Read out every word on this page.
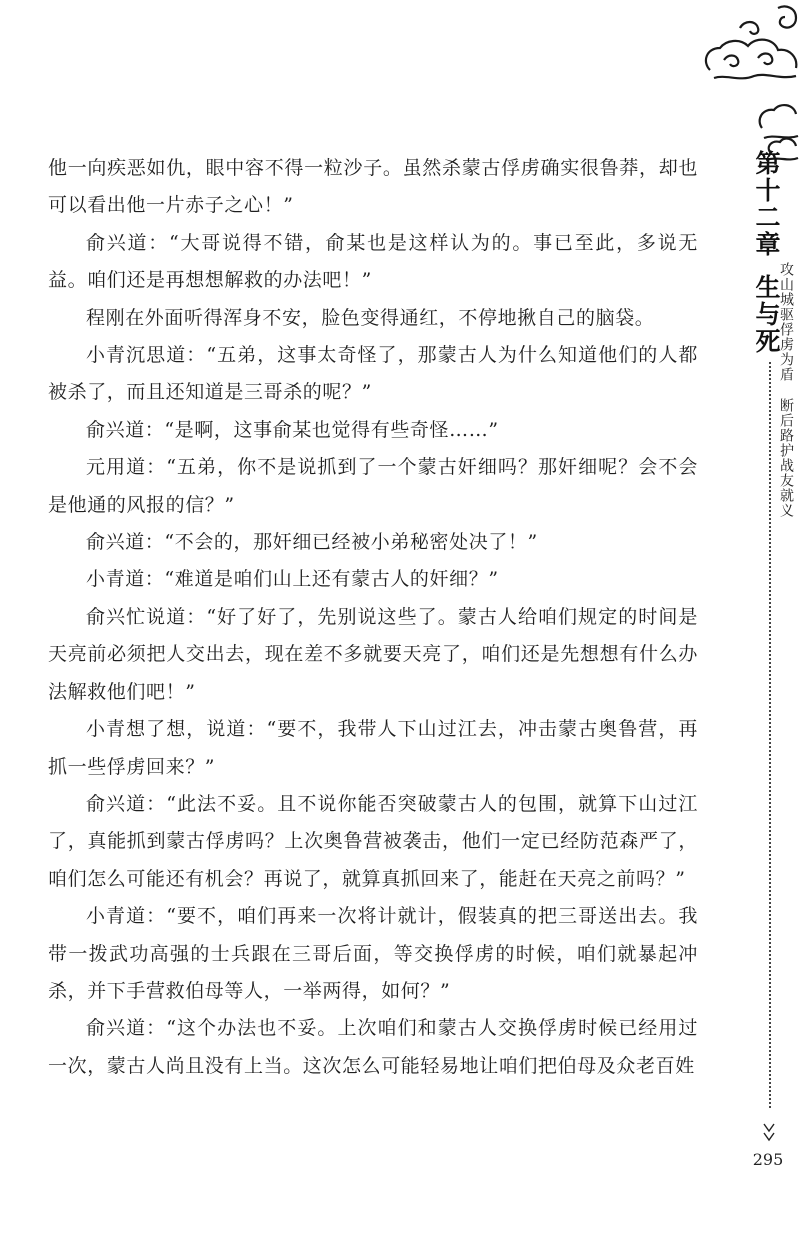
他一向疾恶如仇，眼中容不得一粒沙子。虽然杀蒙古俘虏确实很鲁莽，却也可以看出他一片赤子之心！”

俞兴道：“大哥说得不错，俞某也是这样认为的。事已至此，多说无益。咱们还是再想想解救的办法吧！”

程刚在外面听得浑身不安，脸色变得通红，不停地揪自己的脑袋。

小青沉思道：“五弟，这事太奇怪了，那蒙古人为什么知道他们的人都被杀了，而且还知道是三哥杀的呢？”

俞兴道：“是啊，这事俞某也觉得有些奇怪……”

元用道：“五弟，你不是说抓到了一个蒙古奸细吗？那奸细呢？会不会是他通的风报的信？”

俞兴道：“不会的，那奸细已经被小弟秘密处决了！”

小青道：“难道是咱们山上还有蒙古人的奸细？”

俞兴忙说道：“好了好了，先别说这些了。蒙古人给咱们规定的时间是天亮前必须把人交出去，现在差不多就要天亮了，咱们还是先想想有什么办法解救他们吧！”

小青想了想，说道：“要不，我带人下山过江去，冲击蒙古奥鲁营，再抓一些俘虏回来？”

俞兴道：“此法不妥。且不说你能否突破蒙古人的包围，就算下山过江了，真能抓到蒙古俘虏吗？上次奥鲁营被袭击，他们一定已经防范森严了，咱们怎么可能还有机会？再说了，就算真抓回来了，能赶在天亮之前吗？”

小青道：“要不，咱们再来一次将计就计，假装真的把三哥送出去。我带一拨武功高强的士兵跟在三哥后面，等交换俘虏的时候，咱们就暴起冲杀，并下手营救伯母等人，一举两得，如何？”

俞兴道：“这个办法也不妥。上次咱们和蒙古人交换俘虏时候已经用过一次，蒙古人尚且没有上当。这次怎么可能轻易地让咱们把伯母及众老百姓

第十二章生与死
攻山城驱俘虏为盾断后路护战友就义
295
